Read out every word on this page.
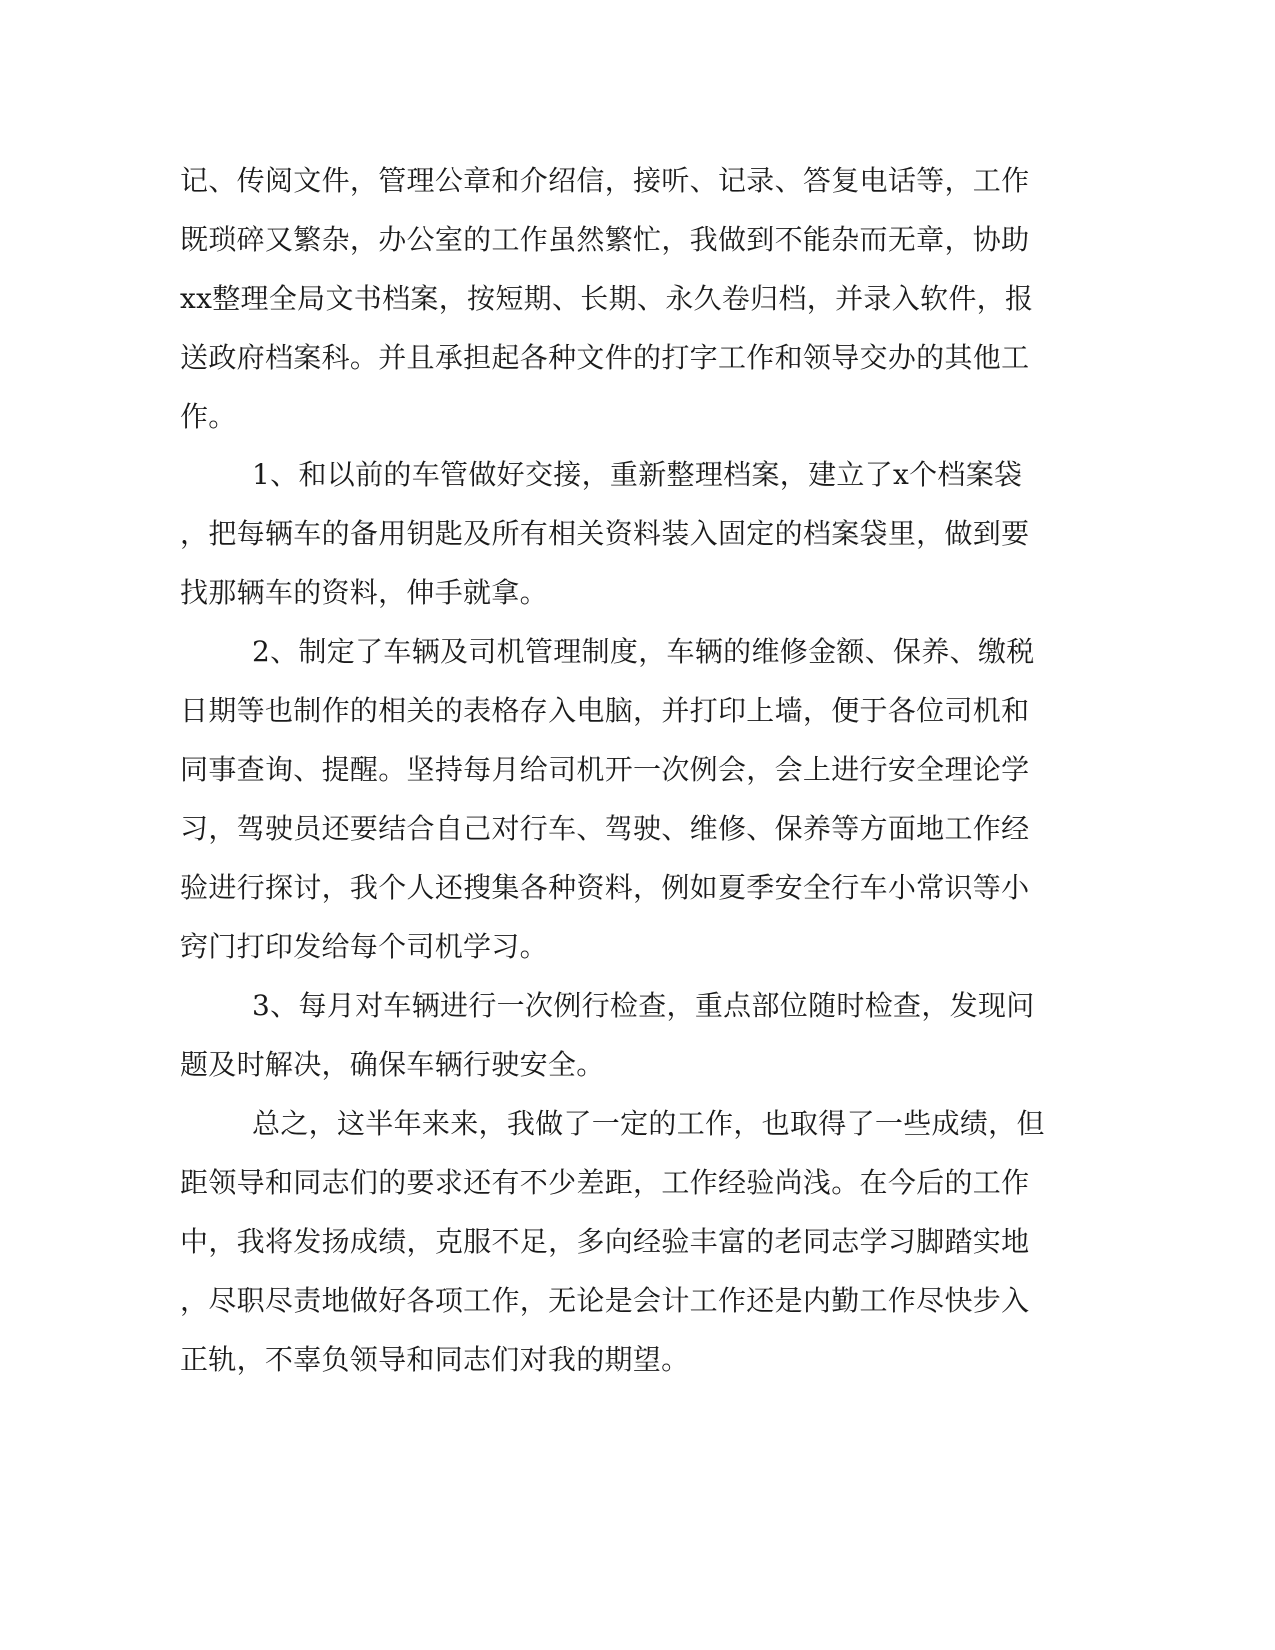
记 、 传 阅 文 件 ， 管 理 公 章 和 介 绍 信 ， 接 听 、 记 录 、 答 复 电 话 等 ， 工 作
既 琐 碎 又 繁 杂 ， 办 公 室 的 工 作 虽 然 繁 忙 ， 我 做 到 不 能 杂 而 无 章 ， 协 助
xx 整 理 全 局 文 书 档 案 ， 按 短 期 、 长 期 、 永 久 卷 归 档 ， 并 录 入 软 件 ， 报
送 政 府 档 案 科 。 并 且 承 担 起 各 种 文 件 的 打 字 工 作 和 领 导 交 办 的 其 他 工
作。
1 、 和 以 前 的 车 管 做 好 交 接 ， 重 新 整 理 档 案 ， 建 立 了 x 个 档 案 袋
， 把 每 辆 车 的 备 用 钥 匙 及 所 有 相 关 资 料 装 入 固 定 的 档 案 袋 里 ， 做 到 要
找那辆车的资料，伸手就拿。
2 、 制 定 了 车 辆 及 司 机 管 理 制 度 ， 车 辆 的 维 修 金 额 、 保 养 、 缴 税
日 期 等 也 制 作 的 相 关 的 表 格 存 入 电 脑 ， 并 打 印 上 墙 ， 便 于 各 位 司 机 和
同 事 查 询 、 提 醒 。 坚 持 每 月 给 司 机 开 一 次 例 会 ， 会 上 进 行 安 全 理 论 学
习 ， 驾 驶 员 还 要 结 合 自 己 对 行 车 、 驾 驶 、 维 修 、 保 养 等 方 面 地 工 作 经
验 进 行 探 讨 ， 我 个 人 还 搜 集 各 种 资 料 ， 例 如 夏 季 安 全 行 车 小 常 识 等 小
窍门打印发给每个司机学习。
3 、 每 月 对 车 辆 进 行 一 次 例 行 检 查 ， 重 点 部 位 随 时 检 查 ， 发 现 问
题及时解决，确保车辆行驶安全。
总 之 ， 这 半 年 来 来 ， 我 做 了 一 定 的 工 作 ， 也 取 得 了 一 些 成 绩 ， 但
距 领 导 和 同 志 们 的 要 求 还 有 不 少 差 距 ， 工 作 经 验 尚 浅 。 在 今 后 的 工 作
中 ， 我 将 发 扬 成 绩 ， 克 服 不 足 ， 多 向 经 验 丰 富 的 老 同 志 学 习 脚 踏 实 地
， 尽 职 尽 责 地 做 好 各 项 工 作 ， 无 论 是 会 计 工 作 还 是 内 勤 工 作 尽 快 步 入
正轨，不辜负领导和同志们对我的期望。
